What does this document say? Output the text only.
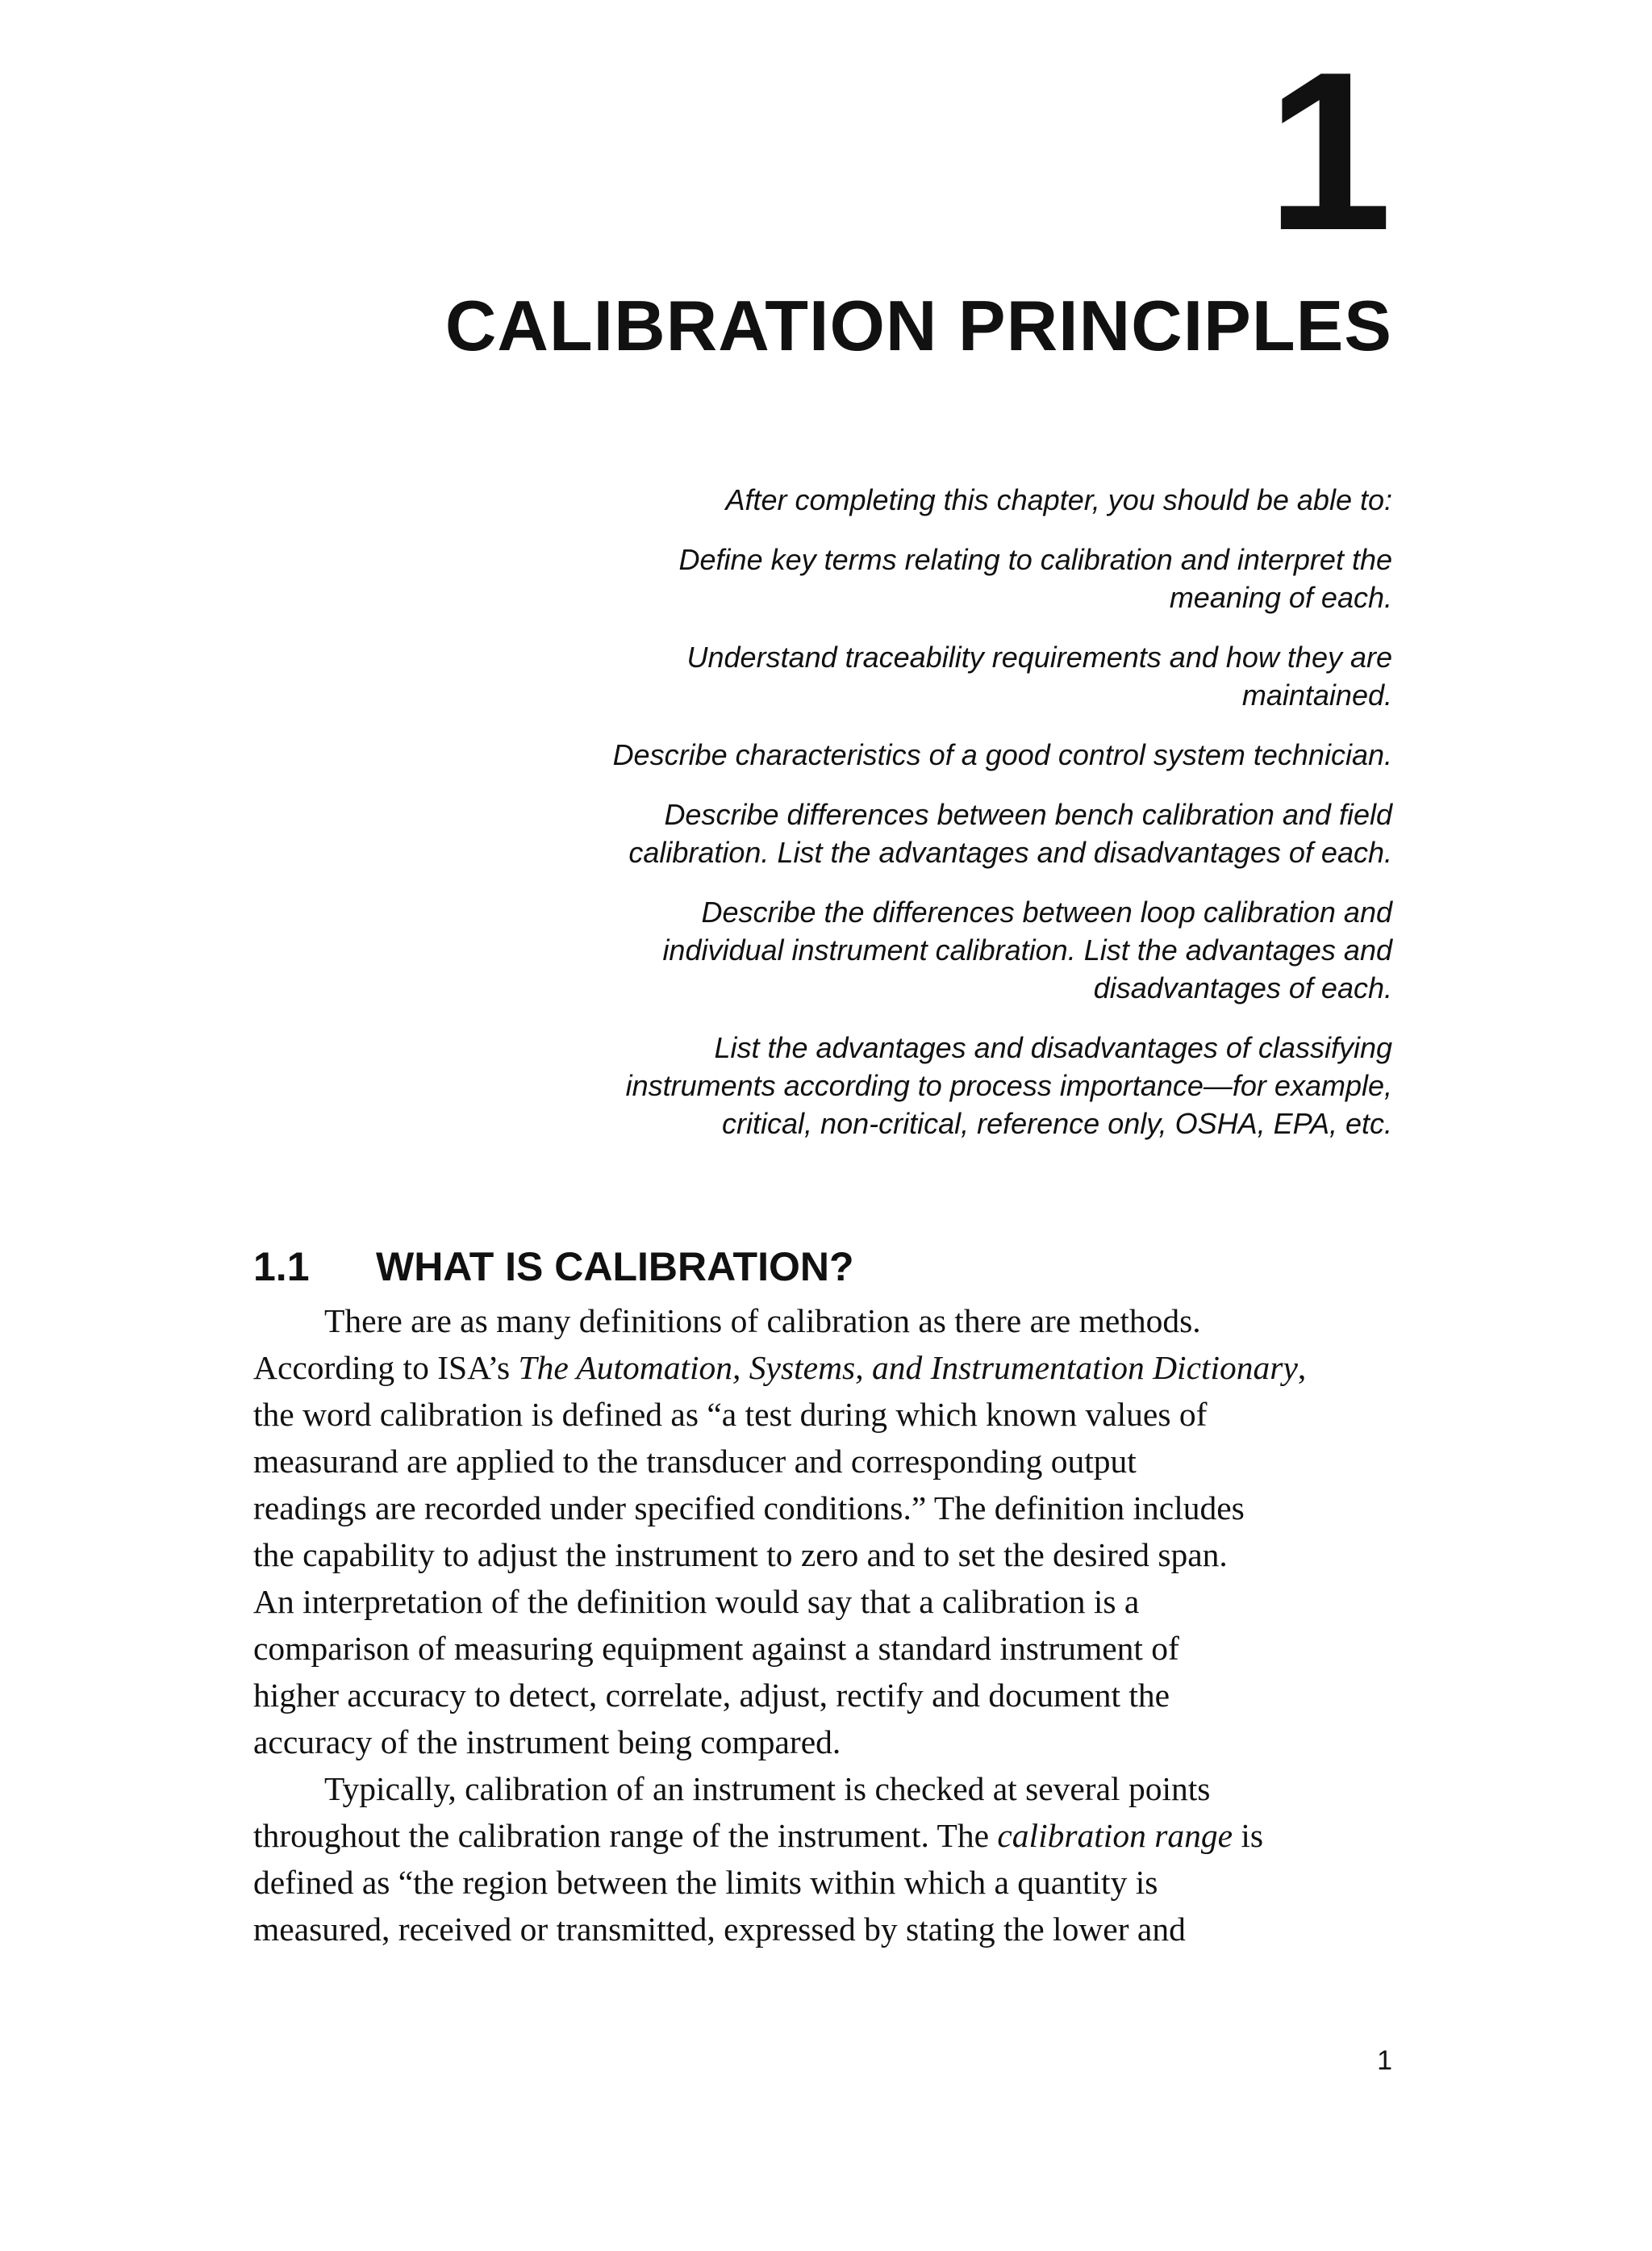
1
CALIBRATION PRINCIPLES

After completing this chapter, you should be able to:

Define key terms relating to calibration and interpret the
meaning of each.

Understand traceability requirements and how they are
maintained.

Describe characteristics of a good control system technician.

Describe differences between bench calibration and field
calibration. List the advantages and disadvantages of each.

Describe the differences between loop calibration and
individual instrument calibration. List the advantages and
disadvantages of each.

List the advantages and disadvantages of classifying
instruments according to process importance—for example,
critical, non-critical, reference only, OSHA, EPA, etc.

1.1 WHAT IS CALIBRATION?
There are as many definitions of calibration as there are methods.
According to ISA’s The Automation, Systems, and Instrumentation Dictionary,
the word calibration is defined as “a test during which known values of
measurand are applied to the transducer and corresponding output
readings are recorded under specified conditions.” The definition includes
the capability to adjust the instrument to zero and to set the desired span.
An interpretation of the definition would say that a calibration is a
comparison of measuring equipment against a standard instrument of
higher accuracy to detect, correlate, adjust, rectify and document the
accuracy of the instrument being compared.
Typically, calibration of an instrument is checked at several points
throughout the calibration range of the instrument. The calibration range is
defined as “the region between the limits within which a quantity is
measured, received or transmitted, expressed by stating the lower and
1
